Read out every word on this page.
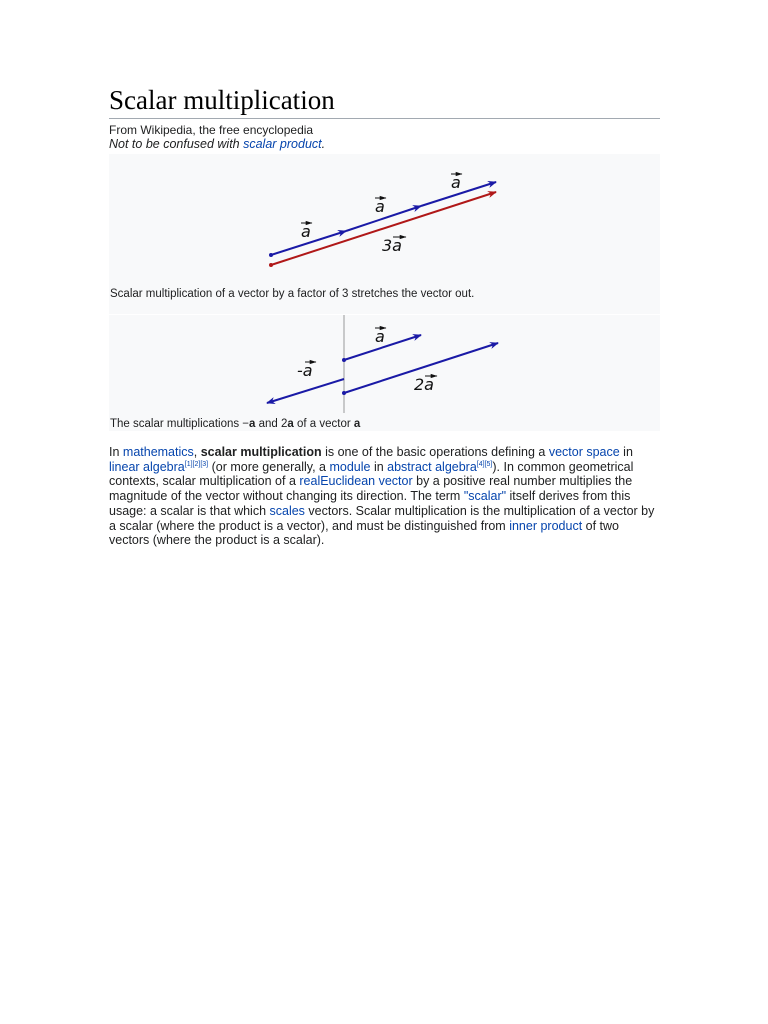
Scalar multiplication
From Wikipedia, the free encyclopedia
Not to be confused with scalar product.
a
a
a
3a
Scalar multiplication of a vector by a factor of 3 stretches the vector out.
a
-a
2a
The scalar multiplications −a and 2a of a vector a

In mathematics, scalar multiplication is one of the basic operations defining a vector space in linear algebra[1][2][3] (or more generally, a module in abstract algebra[4][5]). In common geometrical contexts, scalar multiplication of a realEuclidean vector by a positive real number multiplies the magnitude of the vector without changing its direction. The term "scalar" itself derives from this usage: a scalar is that which scales vectors. Scalar multiplication is the multiplication of a vector by a scalar (where the product is a vector), and must be distinguished from inner product of two vectors (where the product is a scalar).
